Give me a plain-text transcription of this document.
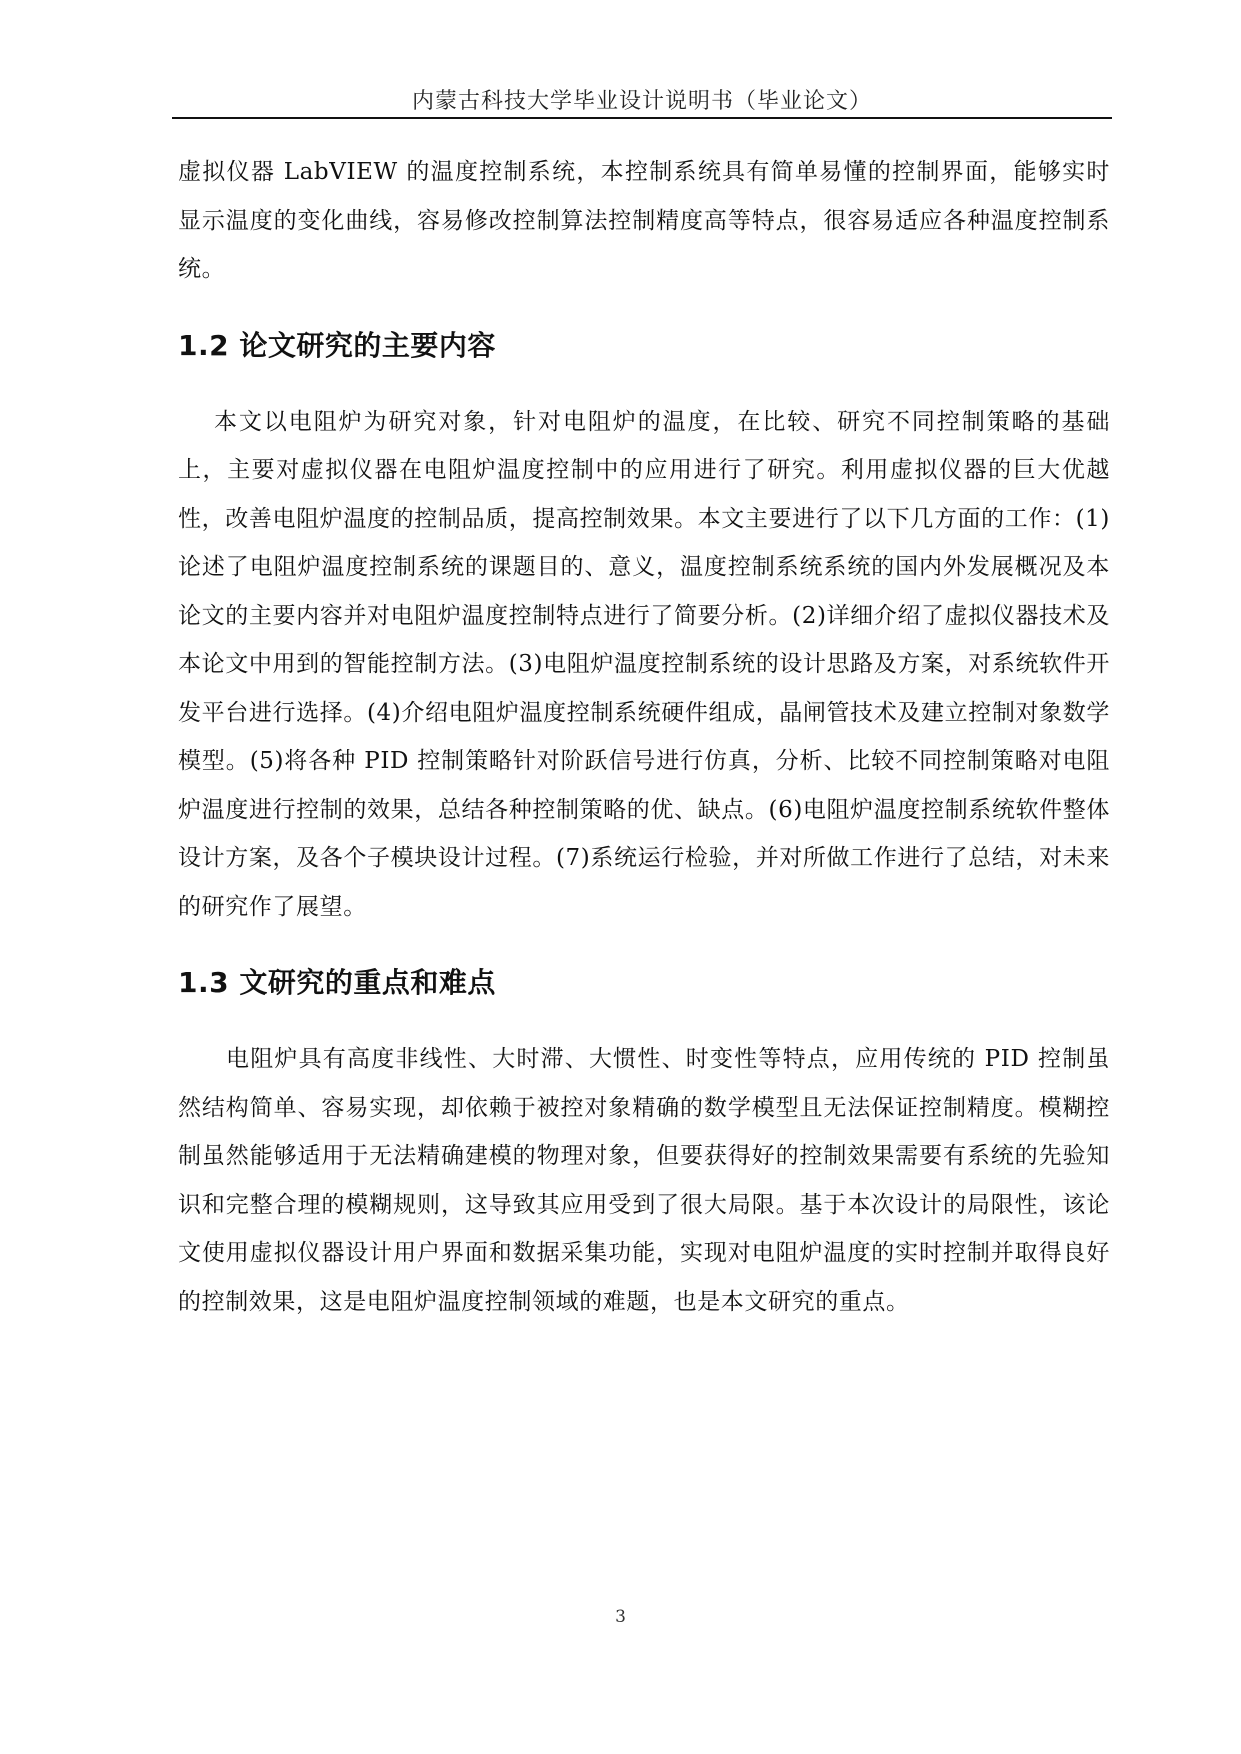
内蒙古科技大学毕业设计说明书（毕业论文）

虚拟仪器 LabVIEW 的温度控制系统，本控制系统具有简单易懂的控制界面，能够实时显示温度的变化曲线，容易修改控制算法控制精度高等特点，很容易适应各种温度控制系统。

1.2 论文研究的主要内容

本文以电阻炉为研究对象，针对电阻炉的温度，在比较、研究不同控制策略的基础上，主要对虚拟仪器在电阻炉温度控制中的应用进行了研究。利用虚拟仪器的巨大优越性，改善电阻炉温度的控制品质，提高控制效果。本文主要进行了以下几方面的工作：(1)论述了电阻炉温度控制系统的课题目的、意义，温度控制系统系统的国内外发展概况及本论文的主要内容并对电阻炉温度控制特点进行了简要分析。(2)详细介绍了虚拟仪器技术及本论文中用到的智能控制方法。(3)电阻炉温度控制系统的设计思路及方案，对系统软件开发平台进行选择。(4)介绍电阻炉温度控制系统硬件组成，晶闸管技术及建立控制对象数学模型。(5)将各种 PID 控制策略针对阶跃信号进行仿真，分析、比较不同控制策略对电阻炉温度进行控制的效果，总结各种控制策略的优、缺点。(6)电阻炉温度控制系统软件整体设计方案，及各个子模块设计过程。(7)系统运行检验，并对所做工作进行了总结，对未来的研究作了展望。

1.3 文研究的重点和难点

电阻炉具有高度非线性、大时滞、大惯性、时变性等特点，应用传统的 PID 控制虽然结构简单、容易实现，却依赖于被控对象精确的数学模型且无法保证控制精度。模糊控制虽然能够适用于无法精确建模的物理对象，但要获得好的控制效果需要有系统的先验知识和完整合理的模糊规则，这导致其应用受到了很大局限。基于本次设计的局限性，该论文使用虚拟仪器设计用户界面和数据采集功能，实现对电阻炉温度的实时控制并取得良好的控制效果，这是电阻炉温度控制领域的难题，也是本文研究的重点。

3
